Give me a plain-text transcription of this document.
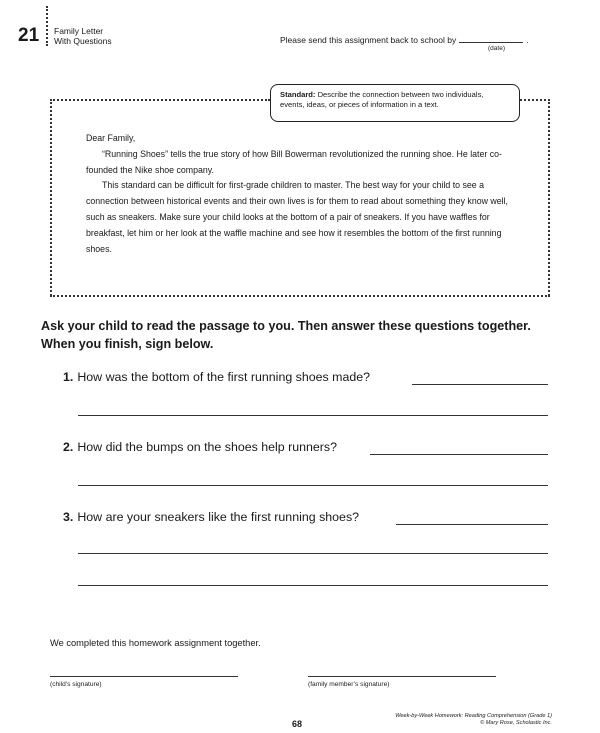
21 Family Letter
With Questions	Please send this assignment back to school by	.
(date)
Standard: Describe the connection between two individuals,
events, ideas, or pieces of information in a text.

Dear Family,

“Running Shoes” tells the true story of how Bill Bowerman revolutionized the running shoe. He later co-founded the Nike shoe company.

This standard can be difficult for first-grade children to master. The best way for your child to see a connection between historical events and their own lives is for them to read about something they know well, such as sneakers. Make sure your child looks at the bottom of a pair of sneakers. If you have waffles for breakfast, let him or her look at the waffle machine and see how it resembles the bottom of the first running shoes.

Ask your child to read the passage to you. Then answer these questions together. When you finish, sign below.
1. How was the bottom of the first running shoes made?
2. How did the bumps on the shoes help runners?
3. How are your sneakers like the first running shoes?
We completed this homework assignment together.
(child’s signature)	(family member’s signature)
68
Week-by-Week Homework: Reading Comprehension (Grade 1)
© Mary Rose, Scholastic Inc.
